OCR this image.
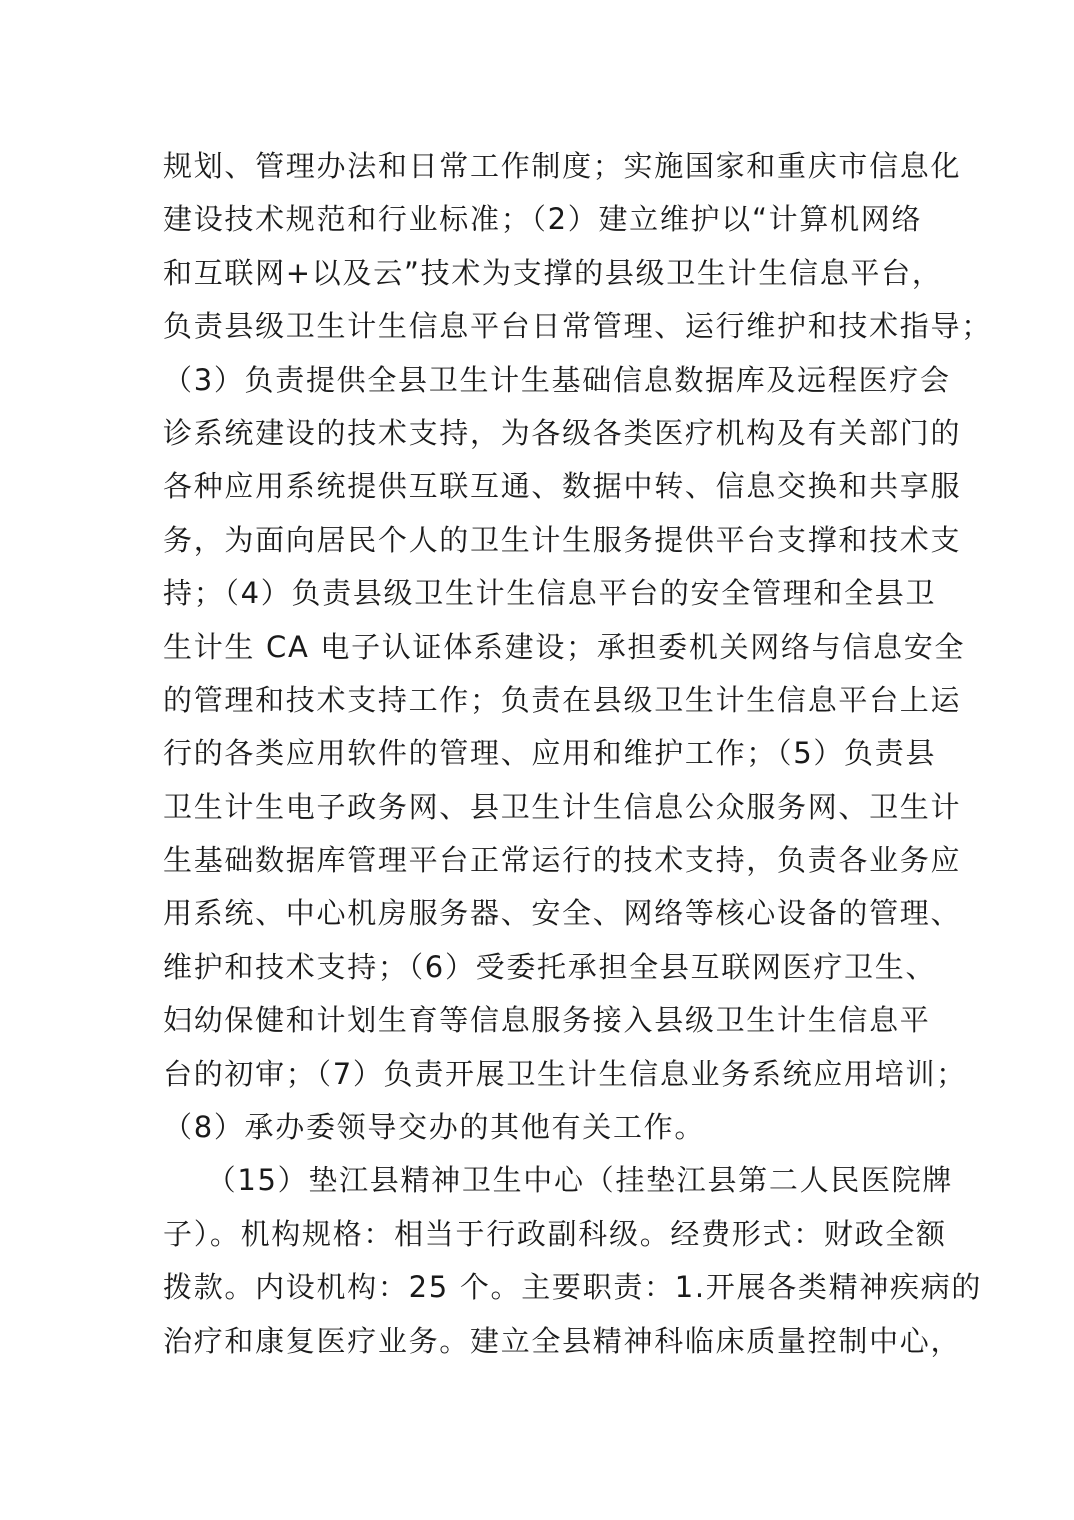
规划、管理办法和日常工作制度；实施国家和重庆市信息化
建设技术规范和行业标准；（2）建立维护以“计算机网络
和互联网+以及云”技术为支撑的县级卫生计生信息平台，
负责县级卫生计生信息平台日常管理、运行维护和技术指导；
（3）负责提供全县卫生计生基础信息数据库及远程医疗会
诊系统建设的技术支持，为各级各类医疗机构及有关部门的
各种应用系统提供互联互通、数据中转、信息交换和共享服
务，为面向居民个人的卫生计生服务提供平台支撑和技术支
持；（4）负责县级卫生计生信息平台的安全管理和全县卫
生计生 CA 电子认证体系建设；承担委机关网络与信息安全
的管理和技术支持工作；负责在县级卫生计生信息平台上运
行的各类应用软件的管理、应用和维护工作；（5）负责县
卫生计生电子政务网、县卫生计生信息公众服务网、卫生计
生基础数据库管理平台正常运行的技术支持，负责各业务应
用系统、中心机房服务器、安全、网络等核心设备的管理、
维护和技术支持；（6）受委托承担全县互联网医疗卫生、
妇幼保健和计划生育等信息服务接入县级卫生计生信息平
台的初审；（7）负责开展卫生计生信息业务系统应用培训；
（8）承办委领导交办的其他有关工作。
（15）垫江县精神卫生中心（挂垫江县第二人民医院牌
子）。机构规格：相当于行政副科级。经费形式：财政全额
拨款。内设机构：25 个。主要职责：1.开展各类精神疾病的
治疗和康复医疗业务。建立全县精神科临床质量控制中心，
